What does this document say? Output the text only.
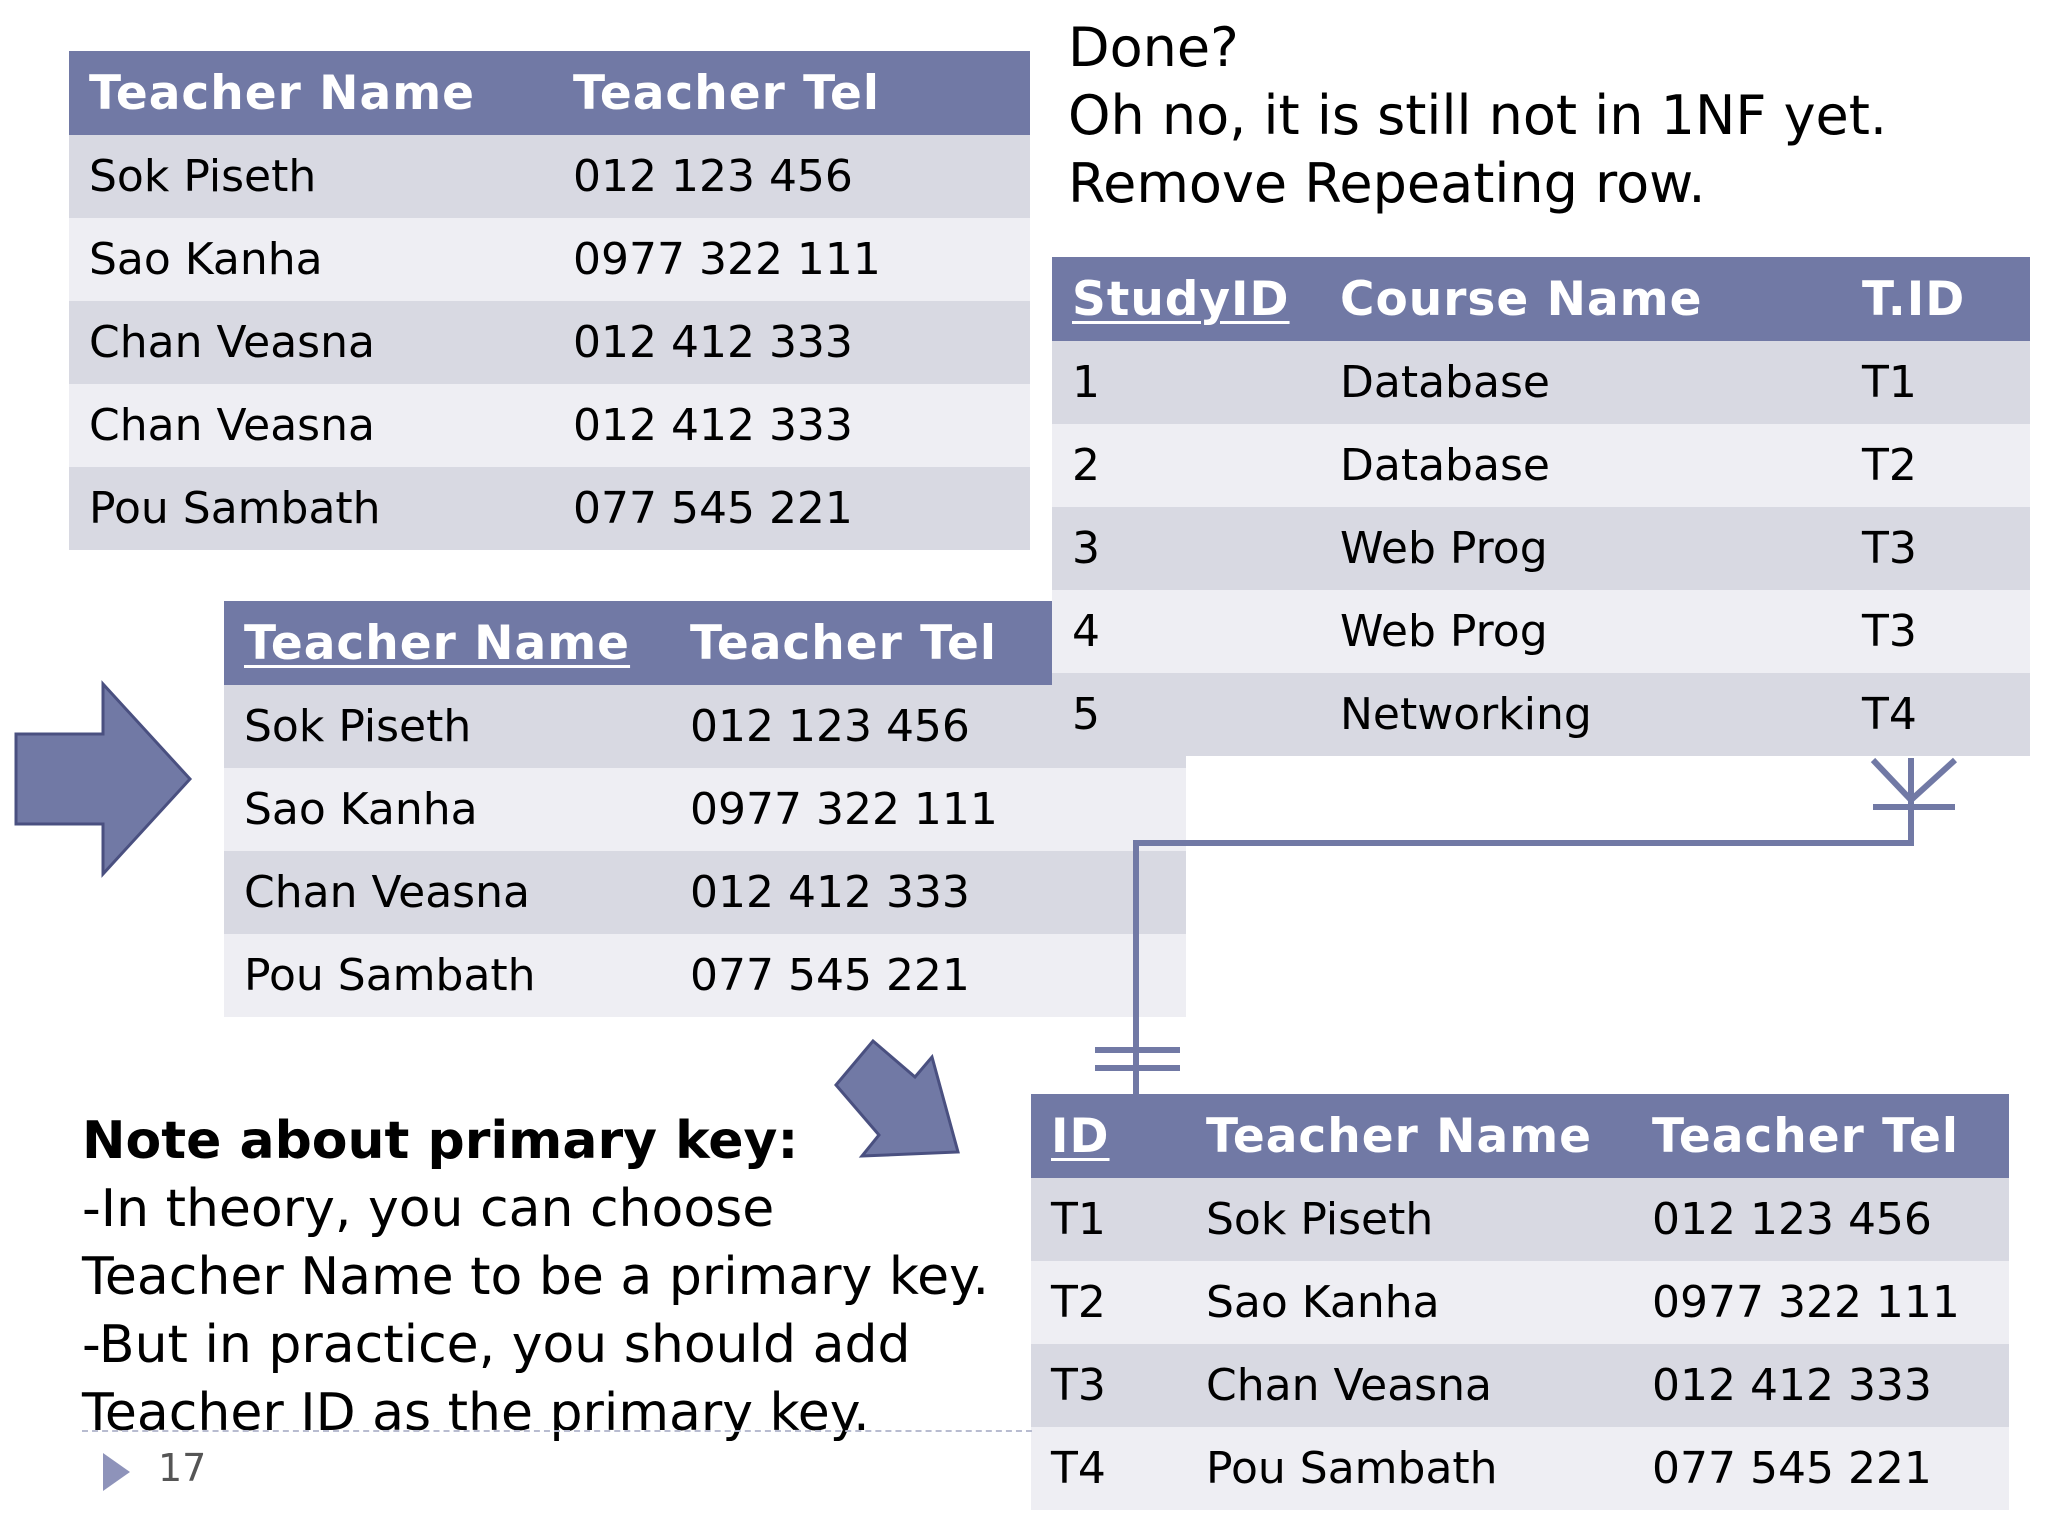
Teacher Name	Teacher Tel
Sok Piseth	012 123 456
Sao Kanha	0977 322 111
Chan Veasna	012 412 333
Chan Veasna	012 412 333
Pou Sambath	077 545 221
Teacher Name	Teacher Tel
Sok Piseth	012 123 456
Sao Kanha	0977 322 111
Chan Veasna	012 412 333
Pou Sambath	077 545 221
StudyID	Course Name	T.ID
1	Database	T1
2	Database	T2
3	Web Prog	T3
4	Web Prog	T3
5	Networking	T4
ID	Teacher Name	Teacher Tel
T1	Sok Piseth	012 123 456
T2	Sao Kanha	0977 322 111
T3	Chan Veasna	012 412 333
T4	Pou Sambath	077 545 221
Done?
Oh no, it is still not in 1NF yet.
Remove Repeating row.
Note about primary key:
-In theory, you can choose
Teacher Name to be a primary key.
-But in practice, you should add
Teacher ID as the primary key.
17
